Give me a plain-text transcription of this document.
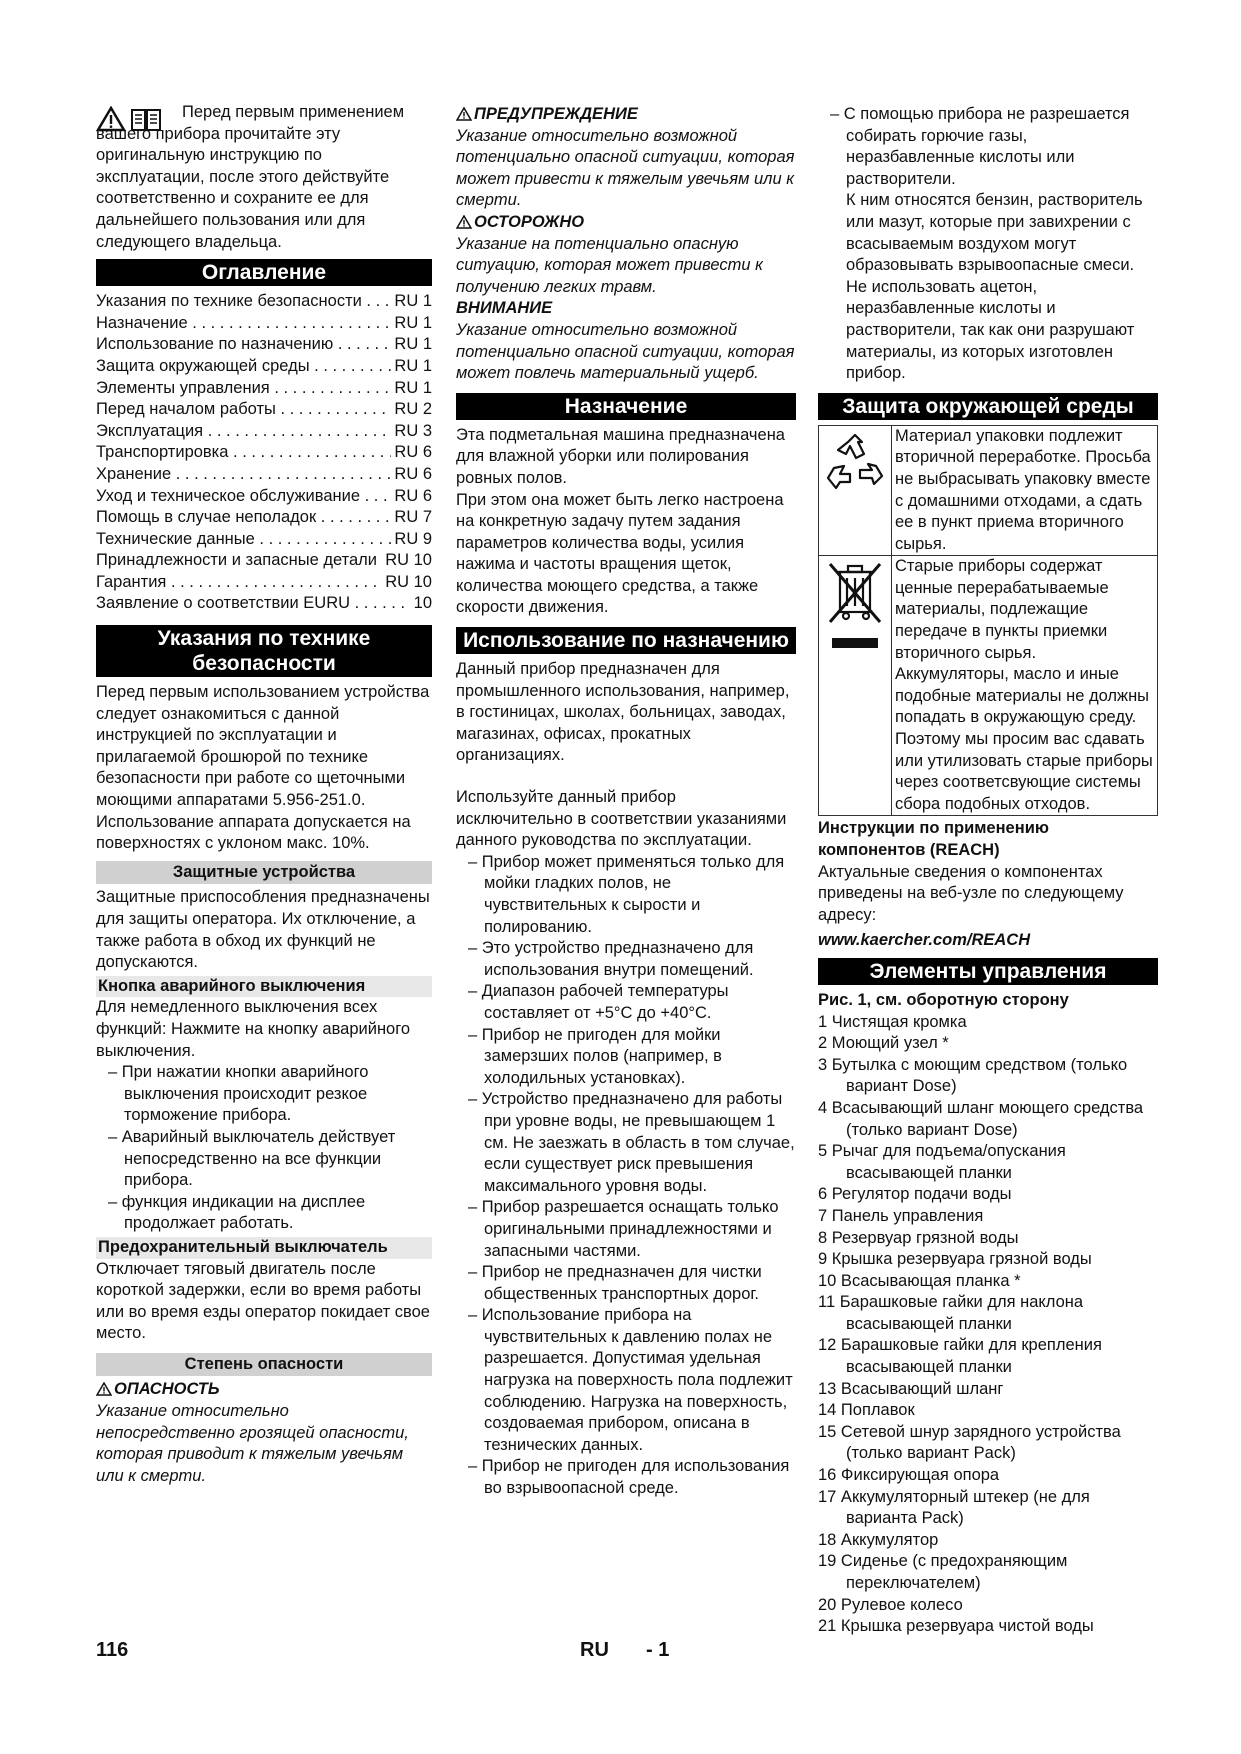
Перед первым применением вашего прибора прочитайте эту оригинальную инструкцию по эксплуатации, после этого действуйте соответственно и сохраните ее для дальнейшего пользования или для следующего владельца.

Оглавление
Указания по технике безопасности . . .	RU 1
Назначение . . .	RU 1
Использование по назначению . . .	RU 1
Защита окружающей среды . . .	RU 1
Элементы управления . . .	RU 1
Перед началом работы . . .	RU 2
Эксплуатация . . .	RU 3
Транспортировка . . .	RU 6
Хранение . . .	RU 6
Уход и техническое обслуживание . . .	RU 6
Помощь в случае неполадок . . .	RU 7
Технические данные . . .	RU 9
Принадлежности и запасные детали . . . RU 10
Гарантия . . .	RU 10
Заявление о соответствии EURU . . .	10
Указания по технике безопасности

Перед первым использованием устройства следует ознакомиться с данной инструкцией по эксплуатации и прилагаемой брошюрой по технике безопасности при работе со щеточными моющими аппаратами 5.956-251.0.

Использование аппарата допускается на поверхностях с уклоном макс. 10%.

Защитные устройства

Защитные приспособления предназначены для защиты оператора. Их отключение, а также работа в обход их функций не допускаются.

Кнопка аварийного выключения

Для немедленного выключения всех функций: Нажмите на кнопку аварийного выключения.

– При нажатии кнопки аварийного выключения происходит резкое торможение прибора.

– Аварийный выключатель действует непосредственно на все функции прибора.

– функция индикации на дисплее продолжает работать.

Предохранительный выключатель

Отключает тяговый двигатель после короткой задержки, если во время работы или во время езды оператор покидает свое место.

Степень опасности

ОПАСНОСТЬ

Указание относительно непосредственно грозящей опасности, которая приводит к тяжелым увечьям или к смерти.

ПРЕДУПРЕЖДЕНИЕ

Указание относительно возможной потенциально опасной ситуации, которая может привести к тяжелым увечьям или к смерти.

ОСТОРОЖНО

Указание на потенциально опасную ситуацию, которая может привести к получению легких травм.

ВНИМАНИЕ

Указание относительно возможной потенциально опасной ситуации, которая может повлечь материальный ущерб.

Назначение

Эта подметальная машина предназначена для влажной уборки или полирования ровных полов.

При этом она может быть легко настроена на конкретную задачу путем задания параметров количества воды, усилия нажима и частоты вращения щеток, количества моющего средства, а также скорости движения.

Использование по назначению

Данный прибор предназначен для промышленного использования, например, в гостиницах, школах, больницах, заводах, магазинах, офисах, прокатных организациях.

Используйте данный прибор исключительно в соответствии указаниями данного руководства по эксплуатации.

– Прибор может применяться только для мойки гладких полов, не чувствительных к сырости и полированию.

– Это устройство предназначено для использования внутри помещений.

– Диапазон рабочей температуры составляет от +5°C до +40°C.

– Прибор не пригоден для мойки замерзших полов (например, в холодильных установках).

– Устройство предназначено для работы при уровне воды, не превышающем 1 см. Не заезжать в область в том случае, если существует риск превышения максимального уровня воды.

– Прибор разрешается оснащать только оригинальными принадлежностями и запасными частями.

– Прибор не предназначен для чистки общественных транспортных дорог.

– Использование прибора на чувствительных к давлению полах не разрешается. Допустимая удельная нагрузка на поверхность пола подлежит соблюдению. Нагрузка на поверхность, создоваемая прибором, описана в тезнических данных.

– Прибор не пригоден для использования во взрывоопасной среде.

– С помощью прибора не разрешается собирать горючие газы, неразбавленные кислоты или растворители.

К ним относятся бензин, растворитель или мазут, которые при завихрении с всасываемым воздухом могут образовывать взрывоопасные смеси. Не использовать ацетон, неразбавленные кислоты и растворители, так как они разрушают материалы, из которых изготовлен прибор.

Защита окружающей среды
Материал упаковки подлежит вторичной переработке. Просьба не выбрасывать упаковку вместе с домашними отходами, а сдать ее в пункт приема вторичного сырья.
Старые приборы содержат ценные перерабатываемые материалы, подлежащие передаче в пункты приемки вторичного сырья. Аккумуляторы, масло и иные подобные материалы не должны попадать в окружающую среду. Поэтому мы просим вас сдавать или утилизовать старые приборы через соответсвующие системы сбора подобных отходов.

Инструкции по применению компонентов (REACH)

Актуальные сведения о компонентах приведены на веб-узле по следующему адресу:

www.kaercher.com/REACH

Элементы управления

Рис. 1, см. оборотную сторону

1 Чистящая кромка

2 Моющий узел *

3 Бутылка с моющим средством (только вариант Dose)

4 Всасывающий шланг моющего средства (только вариант Dose)

5 Рычаг для подъема/опускания всасывающей планки

6 Регулятор подачи воды

7 Панель управления

8 Резервуар грязной воды

9 Крышка резервуара грязной воды

10 Всасывающая планка *

11 Барашковые гайки для наклона всасывающей планки

12 Барашковые гайки для крепления всасывающей планки

13 Всасывающий шланг

14 Поплавок

15 Сетевой шнур зарядного устройства (только вариант Pack)

16 Фиксирующая опора

17 Аккумуляторный штекер (не для варианта Pack)

18 Аккумулятор

19 Сиденье (с предохраняющим переключателем)

20 Рулевое колесо

21 Крышка резервуара чистой воды

116	RU - 1
